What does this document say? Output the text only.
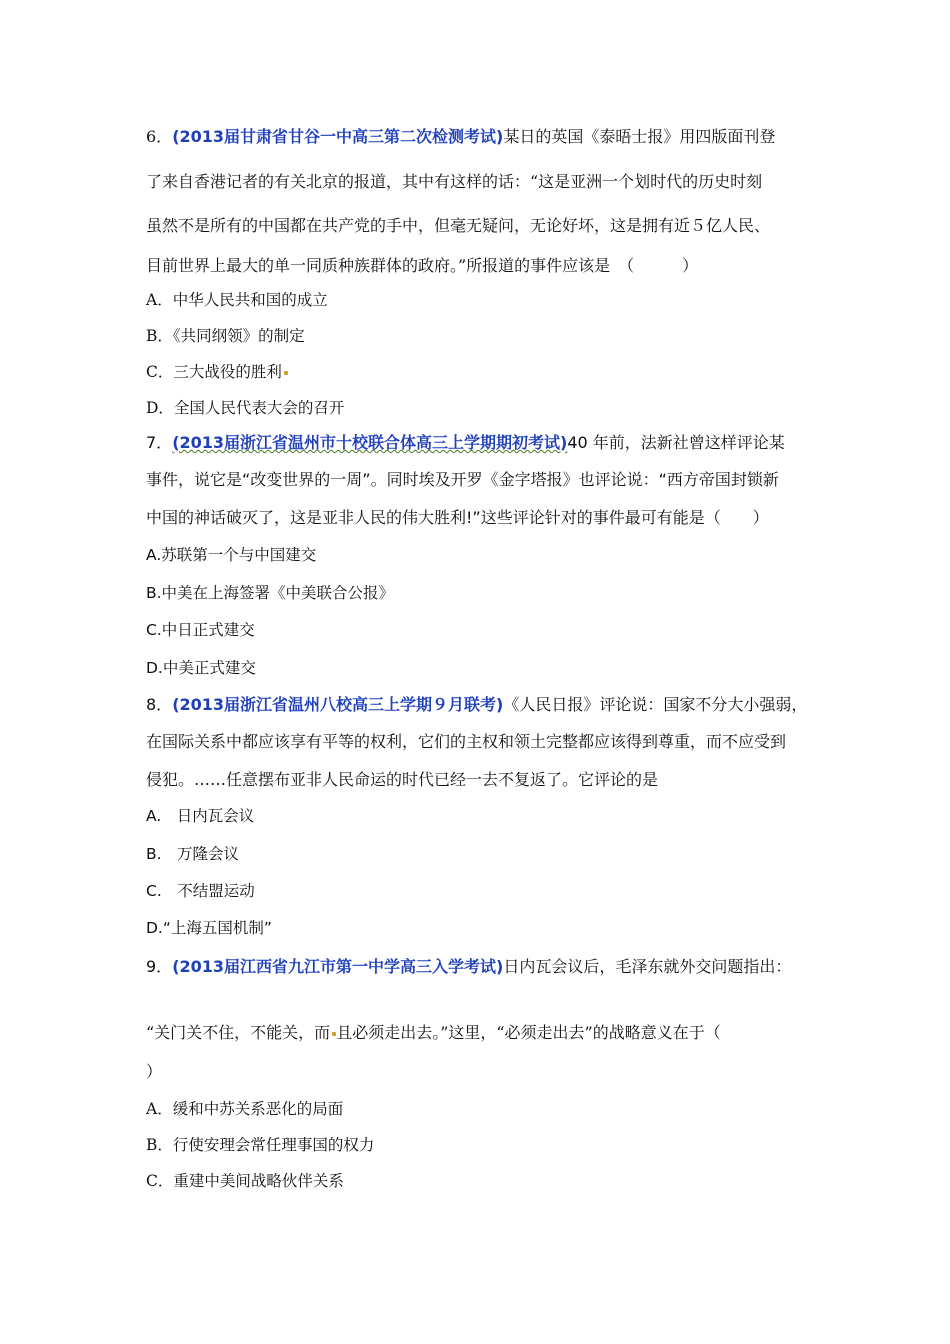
6．(2013届甘肃省甘谷一中高三第二次检测考试)某日的英国《泰晤士报》用四版面刊登
了来自香港记者的有关北京的报道，其中有这样的话：“这是亚洲一个划时代的历史时刻
虽然不是所有的中国都在共产党的手中，但毫无疑问，无论好坏，这是拥有近５亿人民、
目前世界上最大的单一同质种族群体的政府。”所报道的事件应该是　（　　　）
A．中华人民共和国的成立
B．《共同纲领》的制定
C．三大战役的胜利
D．全国人民代表大会的召开
7．(2013届浙江省温州市十校联合体高三上学期期初考试)40 年前，法新社曾这样评论某
事件，说它是“改变世界的一周”。同时埃及开罗《金字塔报》也评论说：“西方帝国封锁新
中国的神话破灭了，这是亚非人民的伟大胜利!”这些评论针对的事件最可有能是（　　）
A.苏联第一个与中国建交
B.中美在上海签署《中美联合公报》
C.中日正式建交
D.中美正式建交
8．(2013届浙江省温州八校高三上学期９月联考)《人民日报》评论说：国家不分大小强弱，
在国际关系中都应该享有平等的权利，它们的主权和领土完整都应该得到尊重，而不应受到
侵犯。……任意摆布亚非人民命运的时代已经一去不复返了。它评论的是
A.　日内瓦会议
B.　万隆会议
C.　不结盟运动
D.“上海五国机制”
9．(2013届江西省九江市第一中学高三入学考试)日内瓦会议后，毛泽东就外交问题指出：
“关门关不住，不能关，而 且必须走出去。”这里，“必须走出去”的战略意义在于（
）
A．缓和中苏关系恶化的局面
B．行使安理会常任理事国的权力
C．重建中美间战略伙伴关系
